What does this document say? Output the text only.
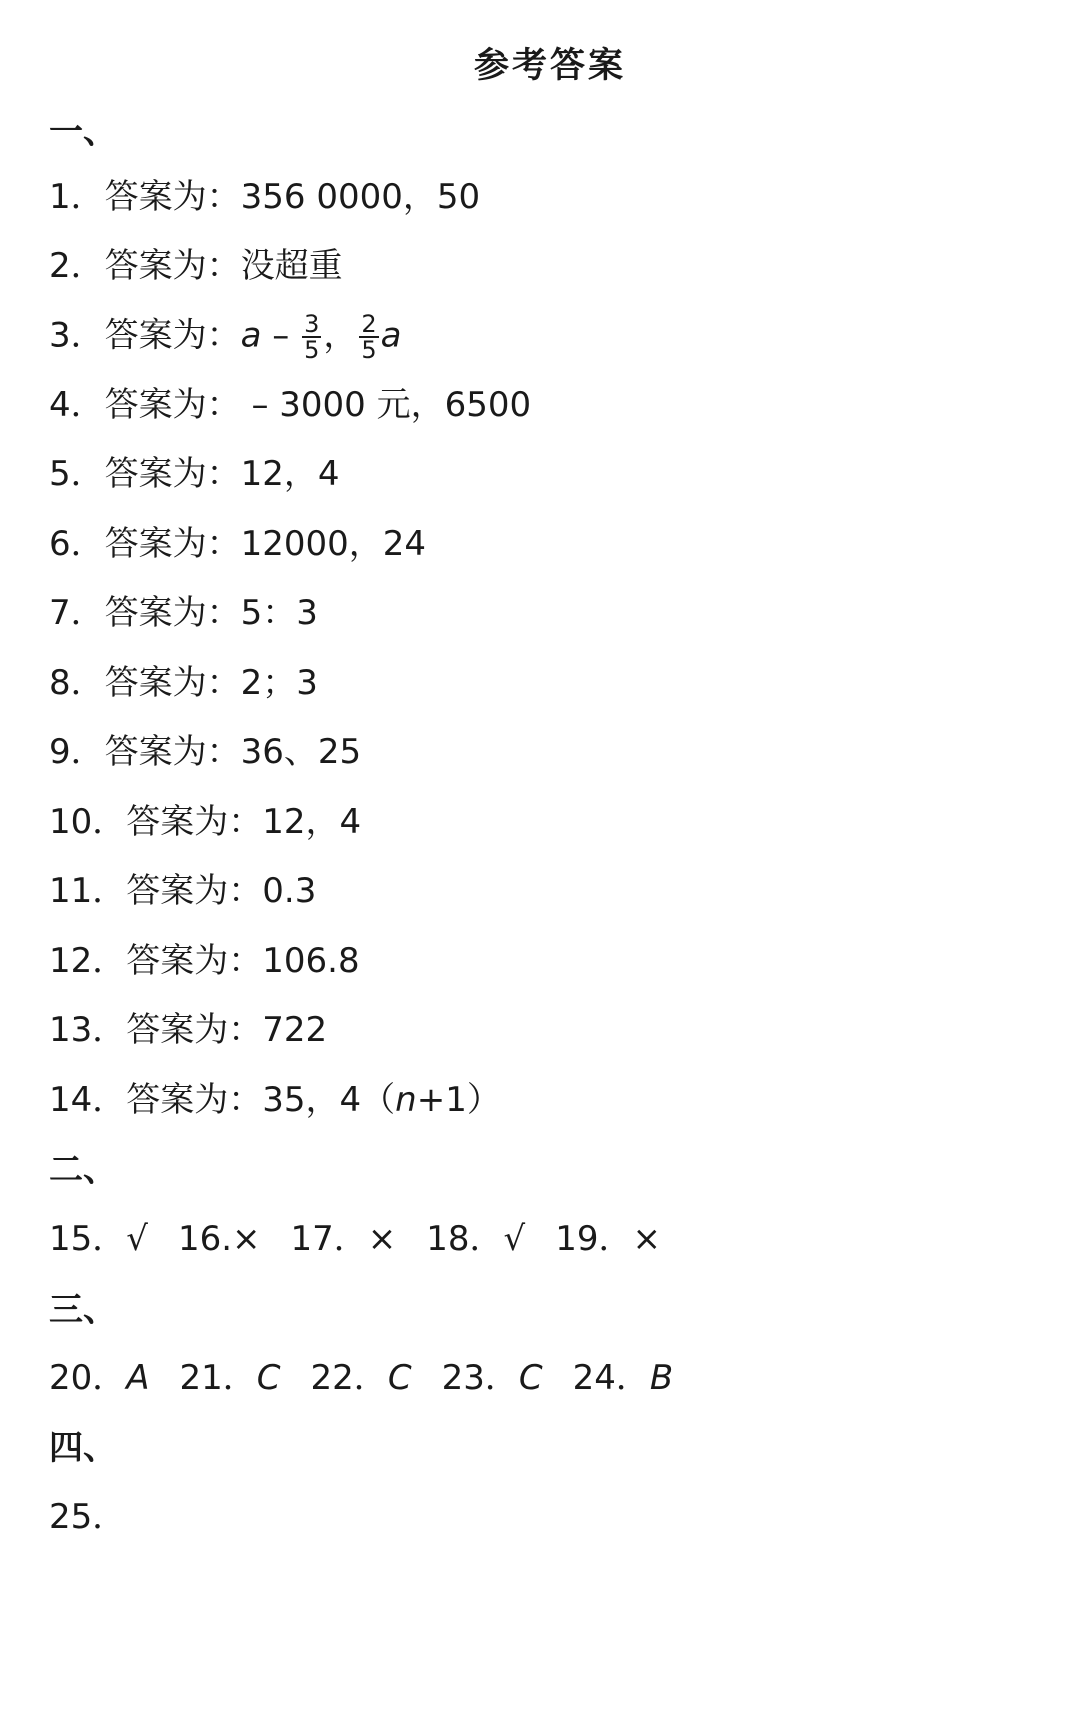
参考答案
一、
1．答案为：356 0000，50
2．答案为：没超重
3．答案为：a – $\frac{3}{5}$ ， $\frac{2}{5}$ a
4．答案为： – 3000 元，6500
5．答案为：12，4
6．答案为：12000，24
7．答案为：5：3
8．答案为：2；3
9．答案为：36、25
10．答案为：12，4
11．答案为：0.3
12．答案为：106.8
13．答案为：722
14．答案为：35，4（n+1）
二、
15．√ 16.× 17．× 18．√ 19．×
三、
20．A 21．C 22．C 23．C 24．B
四、
25．
